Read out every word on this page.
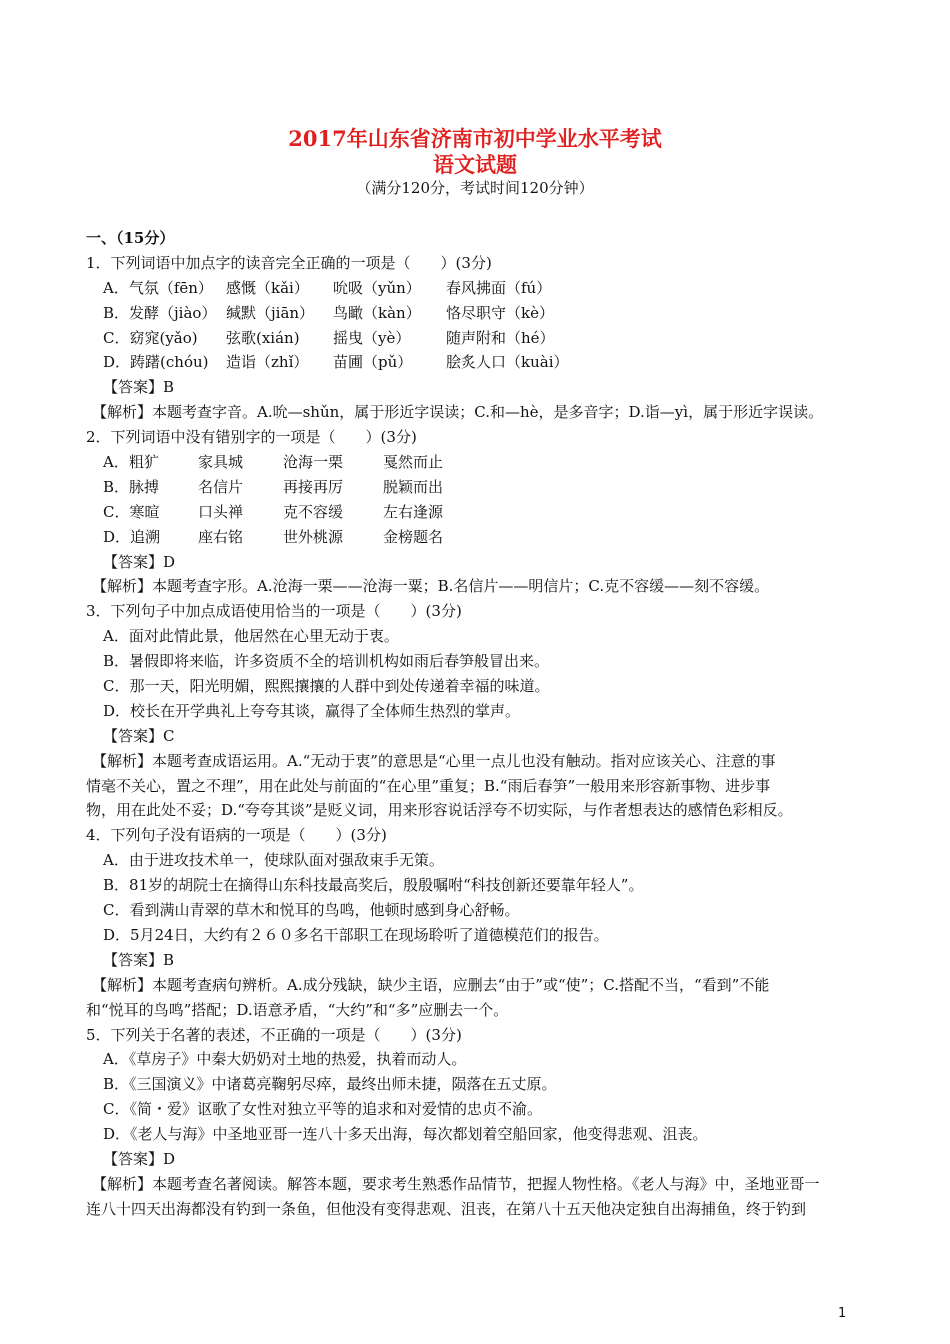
2017年山东省济南市初中学业水平考试
语文试题
（满分120分，考试时间120分钟）
一、（15分）
1．下列词语中加点字的读音完全正确的一项是（　　）(3分)
A．气氛（fēn） 感慨（kǎi）	吮吸（yǔn）	春风拂面（fú）
B．发酵（jiào） 缄默（jiān）	鸟瞰（kàn）	恪尽职守（kè）
C．窈窕(yǎo)	弦歌(xián)	摇曳（yè）	随声附和（hé）
D．踌躇(chóu)	造诣（zhǐ）	苗圃（pǔ）	脍炙人口（kuài）
【答案】B
【解析】本题考查字音。A.吮—shǔn，属于形近字误读；C.和—hè，是多音字；D.诣—yì，属于形近字误读。
2．下列词语中没有错别字的一项是（　　）(3分)
A．粗犷	家具城	沧海一栗	戛然而止
B．脉搏	名信片	再接再厉	脱颖而出
C．寒暄	口头禅	克不容缓	左右逢源
D．追溯	座右铭	世外桃源	金榜题名
【答案】D
【解析】本题考查字形。A.沧海一栗——沧海一粟；B.名信片——明信片；C.克不容缓——刻不容缓。
3．下列句子中加点成语使用恰当的一项是（　　）(3分)
A．面对此情此景，他居然在心里无动于衷。
B．暑假即将来临，许多资质不全的培训机构如雨后春笋般冒出来。
C．那一天，阳光明媚，熙熙攘攘的人群中到处传递着幸福的味道。
D．校长在开学典礼上夸夸其谈，赢得了全体师生热烈的掌声。
【答案】C
【解析】本题考查成语运用。A.“无动于衷”的意思是“心里一点儿也没有触动。指对应该关心、注意的事
情毫不关心，置之不理”，用在此处与前面的“在心里”重复；B.“雨后春笋”一般用来形容新事物、进步事
物，用在此处不妥；D.“夸夸其谈”是贬义词，用来形容说话浮夸不切实际，与作者想表达的感情色彩相反。
4．下列句子没有语病的一项是（　　）(3分)
A．由于进攻技术单一，使球队面对强敌束手无策。
B．81岁的胡院士在摘得山东科技最高奖后，殷殷嘱咐“科技创新还要靠年轻人”。
C．看到满山青翠的草木和悦耳的鸟鸣，他顿时感到身心舒畅。
D．5月24日，大约有２６０多名干部职工在现场聆听了道德模范们的报告。
【答案】B
【解析】本题考查病句辨析。A.成分残缺，缺少主语，应删去“由于”或“使”；C.搭配不当，“看到”不能
和“悦耳的鸟鸣”搭配；D.语意矛盾，“大约”和“多”应删去一个。
5．下列关于名著的表述，不正确的一项是（　　）(3分)
A．《草房子》中秦大奶奶对土地的热爱，执着而动人。
B．《三国演义》中诸葛亮鞠躬尽瘁，最终出师未捷，陨落在五丈原。
C．《简・爱》讴歌了女性对独立平等的追求和对爱情的忠贞不渝。
D．《老人与海》中圣地亚哥一连八十多天出海，每次都划着空船回家，他变得悲观、沮丧。
【答案】D
【解析】本题考查名著阅读。解答本题，要求考生熟悉作品情节，把握人物性格。《老人与海》中，圣地亚哥一
连八十四天出海都没有钓到一条鱼，但他没有变得悲观、沮丧，在第八十五天他决定独自出海捕鱼，终于钓到
1
